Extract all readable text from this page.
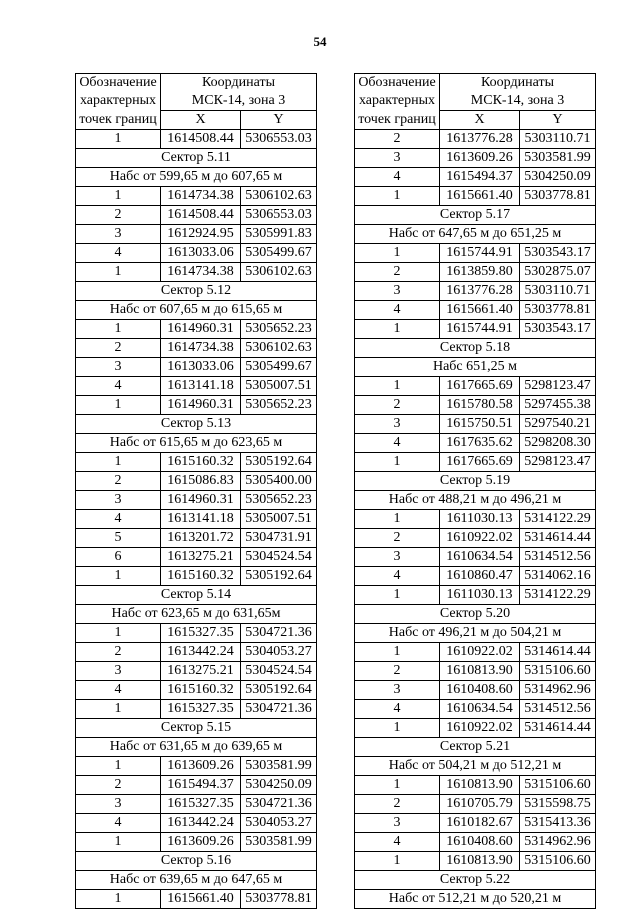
54
Обозначение	Координаты	
характерных	МСК-14, зона 3	
точек границ	X	Y
1	1614508.44	5306553.03
Сектор 5.11		
Набс от 599,65 м до 607,65 м		
1	1614734.38	5306102.63
2	1614508.44	5306553.03
3	1612924.95	5305991.83
4	1613033.06	5305499.67
1	1614734.38	5306102.63
Сектор 5.12		
Набс от 607,65 м до 615,65 м		
1	1614960.31	5305652.23
2	1614734.38	5306102.63
3	1613033.06	5305499.67
4	1613141.18	5305007.51
1	1614960.31	5305652.23
Сектор 5.13		
Набс от 615,65 м до 623,65 м		
1	1615160.32	5305192.64
2	1615086.83	5305400.00
3	1614960.31	5305652.23
4	1613141.18	5305007.51
5	1613201.72	5304731.91
6	1613275.21	5304524.54
1	1615160.32	5305192.64
Сектор 5.14		
Набс от 623,65 м до 631,65м		
1	1615327.35	5304721.36
2	1613442.24	5304053.27
3	1613275.21	5304524.54
4	1615160.32	5305192.64
1	1615327.35	5304721.36
Сектор 5.15		
Набс от 631,65 м до 639,65 м		
1	1613609.26	5303581.99
2	1615494.37	5304250.09
3	1615327.35	5304721.36
4	1613442.24	5304053.27
1	1613609.26	5303581.99
Сектор 5.16		
Набс от 639,65 м до 647,65 м		
1	1615661.40	5303778.81
Обозначение	Координаты	
характерных	МСК-14, зона 3	
точек границ	X	Y
2	1613776.28	5303110.71
3	1613609.26	5303581.99
4	1615494.37	5304250.09
1	1615661.40	5303778.81
Сектор 5.17		
Набс от 647,65 м до 651,25 м		
1	1615744.91	5303543.17
2	1613859.80	5302875.07
3	1613776.28	5303110.71
4	1615661.40	5303778.81
1	1615744.91	5303543.17
Сектор 5.18		
Набс 651,25 м		
1	1617665.69	5298123.47
2	1615780.58	5297455.38
3	1615750.51	5297540.21
4	1617635.62	5298208.30
1	1617665.69	5298123.47
Сектор 5.19		
Набс от 488,21 м до 496,21 м		
1	1611030.13	5314122.29
2	1610922.02	5314614.44
3	1610634.54	5314512.56
4	1610860.47	5314062.16
1	1611030.13	5314122.29
Сектор 5.20		
Набс от 496,21 м до 504,21 м		
1	1610922.02	5314614.44
2	1610813.90	5315106.60
3	1610408.60	5314962.96
4	1610634.54	5314512.56
1	1610922.02	5314614.44
Сектор 5.21		
Набс от 504,21 м до 512,21 м		
1	1610813.90	5315106.60
2	1610705.79	5315598.75
3	1610182.67	5315413.36
4	1610408.60	5314962.96
1	1610813.90	5315106.60
Сектор 5.22		
Набс от 512,21 м до 520,21 м		
